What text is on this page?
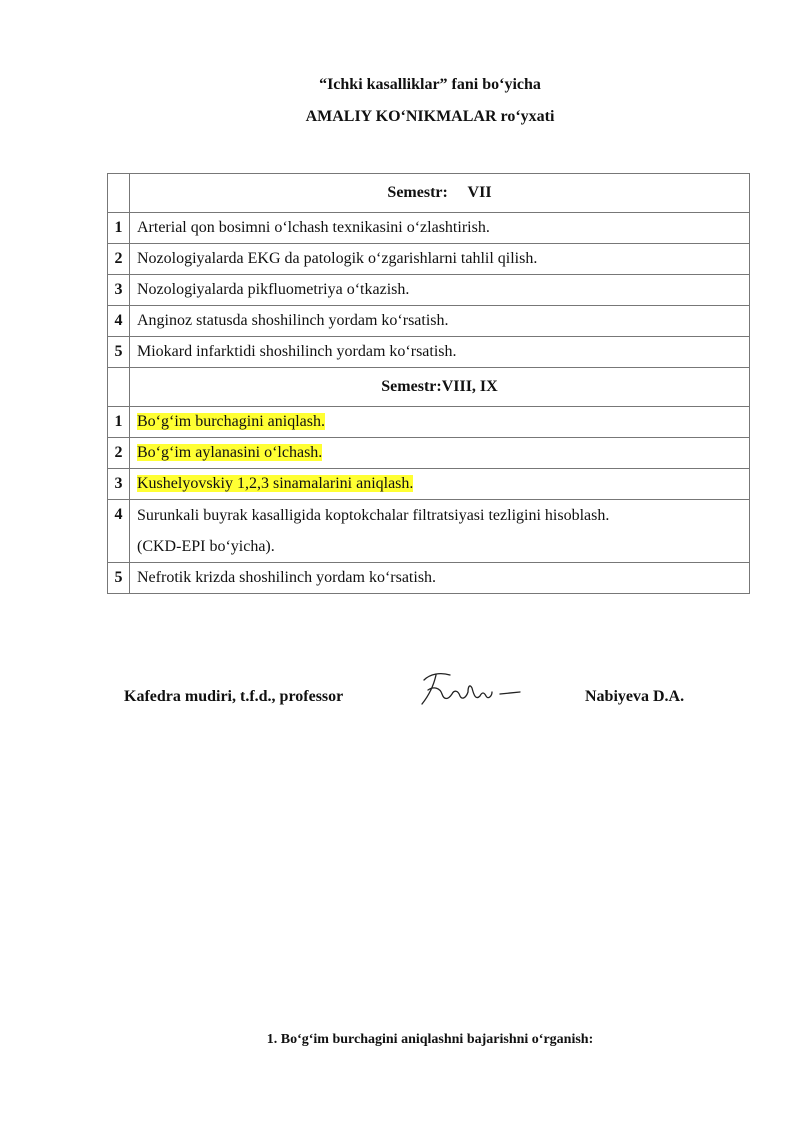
“Ichki kasalliklar” fani bo‘yicha
AMALIY KO‘NIKMALAR ro‘yxati
	Semestr:     VII
1	Arterial qon bosimni o‘lchash texnikasini o‘zlashtirish.
2	Nozologiyalarda EKG da patologik o‘zgarishlarni tahlil qilish.
3	Nozologiyalarda pikfluometriya o‘tkazish.
4	Anginoz statusda shoshilinch yordam ko‘rsatish.
5	Miokard infarktidi shoshilinch yordam ko‘rsatish.
	Semestr:VIII, IX
1	Bo‘g‘im burchagini aniqlash.
2	Bo‘g‘im aylanasini o‘lchash.
3	Kushelyovskiy 1,2,3 sinamalarini aniqlash.
4	Surunkali buyrak kasalligida koptokchalar filtratsiyasi tezligini hisoblash.
(CKD-EPI bo‘yicha).

5	Nefrotik krizda shoshilinch yordam ko‘rsatish.
Kafedra mudiri, t.f.d., professor	Nabiyeva D.A.
1. Bo‘g‘im burchagini aniqlashni bajarishni o‘rganish:
